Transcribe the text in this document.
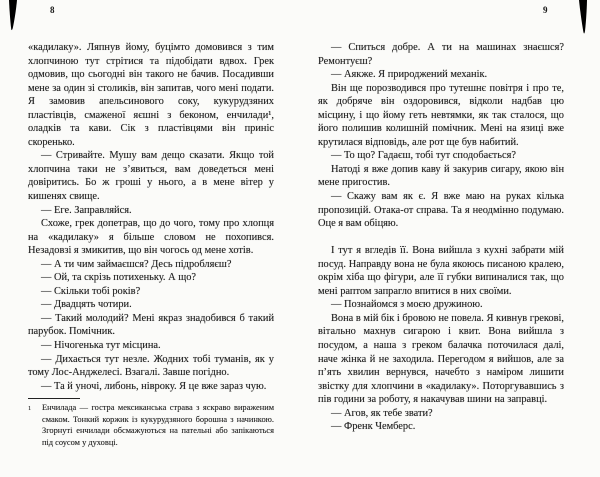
8	9

«кадилаку». Ляпнув йому, буцімто домовився з тим хлопчиною тут стрітися та підобідати вдвох. Грек одмовив, що сьогодні він такого не бачив. Посадивши мене за один зі столиків, він запитав, чого мені подати. Я замовив апельсинового соку, кукурудзяних пластівців, смаженої яєшні з беконом, енчилади¹, оладків та кави. Сік з пластівцями він приніс скоренько.

— Стривайте. Мушу вам дещо сказати. Якщо той хлопчина таки не з’явиться, вам доведеться мені довіритись. Бо ж гроші у нього, а в мене вітер у кишенях свище.

— Еге. Заправляйся.

Схоже, грек допетрав, що до чого, тому про хлопця на «кадилаку» я більше словом не похопився. Незадовзі я змикитив, що він чогось од мене хотів.

— А ти чим займаєшся? Десь підробляєш?

— Ой, та скрізь потихеньку. А що?

— Скільки тобі років?

— Двадцять чотири.

— Такий молодий? Мені якраз знадобився б такий парубок. Помічник.

— Нічогенька тут місцина.

— Дихається тут незле. Жодних тобі туманів, як у тому Лос-Анджелесі. Взагалі. Завше погідно.

— Та й уночі, либонь, нівроку. Я це вже зараз чую.

1	Енчилада — гостра мексиканська страва з яскраво вираженим смаком. Тонкий коржик із кукурудзяного борошна з начинкою. Згорнуті енчилади обсмажуються на пательні або запікаються під соусом у духовці.

— Спиться добре. А ти на машинах знаєшся? Ремонтуєш?

— Аякже. Я природжений механік.

Він ще порозводився про тутешнє повітря і про те, як добряче він оздоровився, відколи надбав цю місцину, і що йому геть невтямки, як так сталося, що його полишив колишній помічник. Мені на язиці вже крутилася відповідь, але рот ще був набитий.

— То що? Гадаєш, тобі тут сподобається?

Натоді я вже допив каву й закурив сигару, якою він мене пригостив.

— Скажу вам як є. Я вже маю на руках кілька пропозицій. Отака-от справа. Та я неодмінно подумаю. Оце я вам обіцяю.

І тут я вгледів її. Вона вийшла з кухні забрати мій посуд. Направду вона не була якоюсь писаною кралею, окрім хіба що фігури, але її губки випиналися так, що мені раптом запрагло впитися в них своїми.

— Познайомся з моєю дружиною.

Вона в мій бік і бровою не повела. Я кивнув грекові, вітально махнув сигарою і квит. Вона вийшла з посудом, а наша з греком балачка поточилася далі, наче жінка й не заходила. Перегодом я вийшов, але за п’ять хвилин вернувся, начебто з наміром лишити звістку для хлопчини в «кадилаку». Поторгувавшись з пів години за роботу, я накачував шини на заправці.

— Агов, як тебе звати?

— Френк Чемберс.
